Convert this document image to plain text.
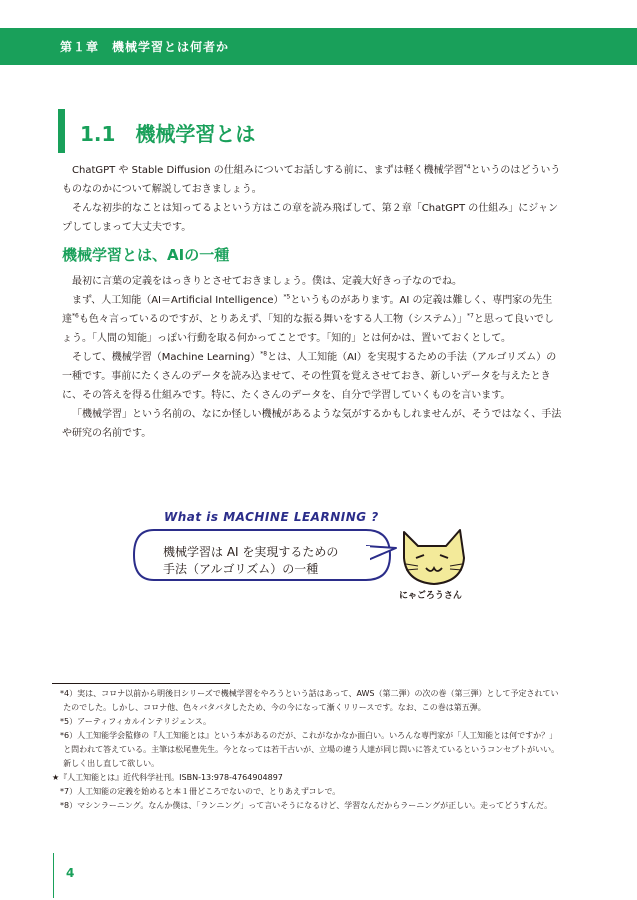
第１章　機械学習とは何者か
1.1　機械学習とは

ChatGPT や Stable Diffusion の仕組みについてお話しする前に、まずは軽く機械学習$^{*4}$というのはどういうものなのかについて解説しておきましょう。

そんな初歩的なことは知ってるよという方はこの章を読み飛ばして、第２章「ChatGPT の仕組み」にジャンプしてしまって大丈夫です。

機械学習とは、AIの一種

最初に言葉の定義をはっきりとさせておきましょう。僕は、定義大好きっ子なのでね。

まず、人工知能（AI＝Artificial Intelligence）$^{*5}$というものがあります。AI の定義は難しく、専門家の先生達$^{*6}$も色々言っているのですが、とりあえず、「知的な振る舞いをする人工物（システム）」$^{*7}$と思って良いでしょう。「人間の知能」っぽい行動を取る何かってことです。「知的」とは何かは、置いておくとして。

そして、機械学習（Machine Learning）$^{*8}$とは、人工知能（AI）を実現するための手法（アルゴリズム）の一種です。事前にたくさんのデータを読み込ませて、その性質を覚えさせておき、新しいデータを与えたときに、その答えを得る仕組みです。特に、たくさんのデータを、自分で学習していくものを言います。

「機械学習」という名前の、なにか怪しい機械があるような気がするかもしれませんが、そうではなく、手法や研究の名前です。

What is MACHINE LEARNING ?
機械学習は AI を実現するための
手法（アルゴリズム）の一種
にゃごろうさん

*4）実は、コロナ以前から明後日シリーズで機械学習をやろうという話はあって、AWS（第二弾）の次の巻（第三弾）として予定されていたのでした。しかし、コロナ他、色々バタバタしたため、今の今になって漸くリリースです。なお、この巻は第五弾。

*5）アーティフィカルインテリジェンス。

*6）人工知能学会監修の『人工知能とは』という本があるのだが、これがなかなか面白い。いろんな専門家が「人工知能とは何ですか？」と問われて答えている。主筆は松尾豊先生。今となっては若干古いが、立場の違う人達が同じ問いに答えているというコンセプトがいい。新しく出し直して欲しい。

★『人工知能とは』近代科学社刊。ISBN-13:978-4764904897

*7）人工知能の定義を始めると本１冊どころでないので、とりあえずコレで。

*8）マシンラーニング。なんか僕は、「ランニング」って言いそうになるけど、学習なんだからラーニングが正しい。走ってどうすんだ。

4
